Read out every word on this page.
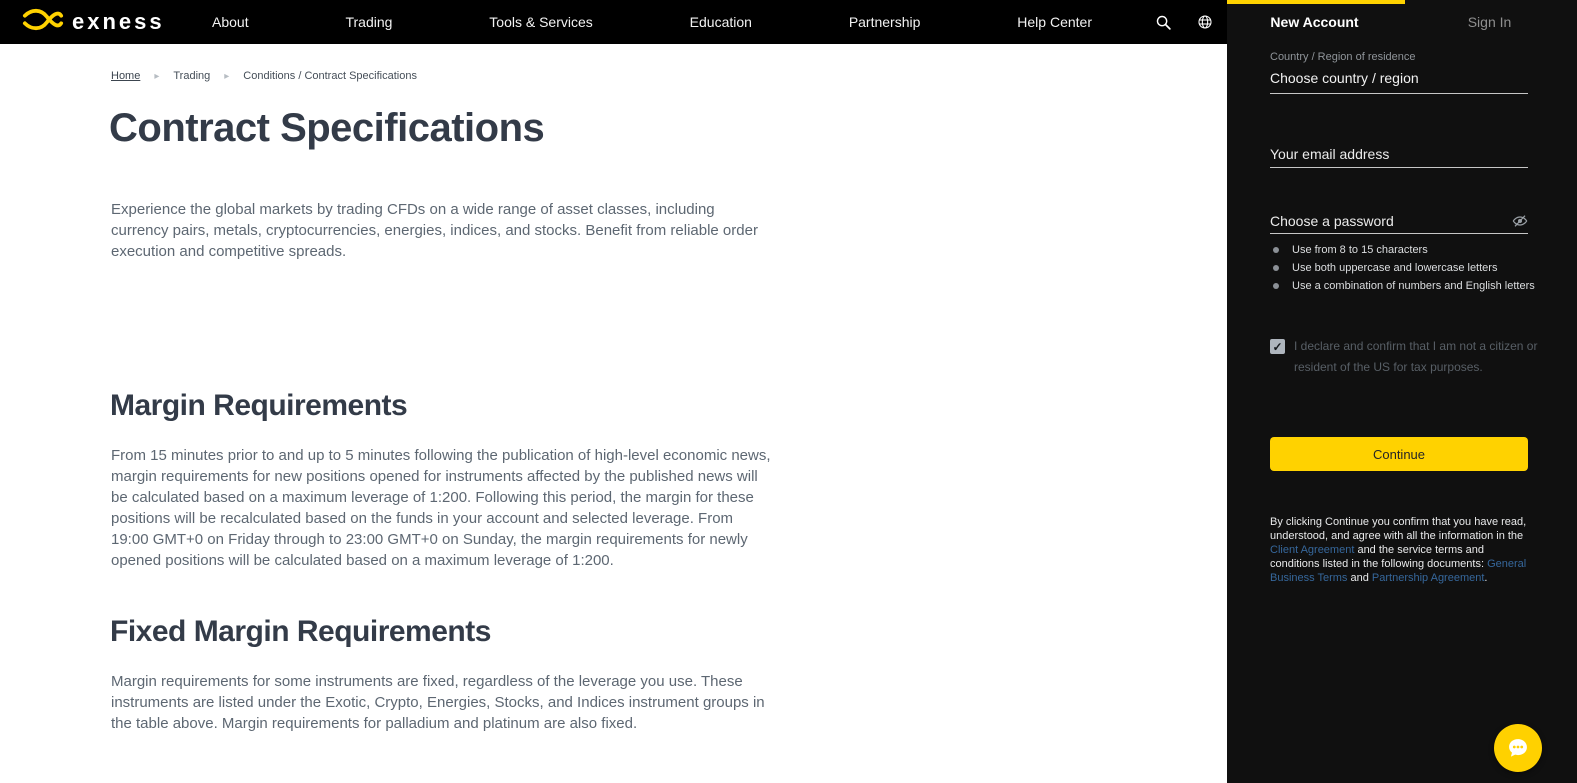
exness	About	Trading	Tools & Services	Education	Partnership	Help Center
Home ▸ Trading ▸ Conditions / Contract Specifications
Contract Specifications

Experience the global markets by trading CFDs on a wide range of asset classes, including currency pairs, metals, cryptocurrencies, energies, indices, and stocks. Benefit from reliable order execution and competitive spreads.

Margin Requirements

From 15 minutes prior to and up to 5 minutes following the publication of high-level economic news, margin requirements for new positions opened for instruments affected by the published news will be calculated based on a maximum leverage of 1:200. Following this period, the margin for these positions will be recalculated based on the funds in your account and selected leverage. From 19:00 GMT+0 on Friday through to 23:00 GMT+0 on Sunday, the margin requirements for newly opened positions will be calculated based on a maximum leverage of 1:200.

Fixed Margin Requirements

Margin requirements for some instruments are fixed, regardless of the leverage you use. These instruments are listed under the Exotic, Crypto, Energies, Stocks, and Indices instrument groups in the table above. Margin requirements for palladium and platinum are also fixed.

New Account	Sign In
Country / Region of residence
Choose country / region
Your email address
Choose a password
Use from 8 to 15 characters
Use both uppercase and lowercase letters
Use a combination of numbers and English letters
✓ I declare and confirm that I am not a citizen or resident of the US for tax purposes.
Continue

By clicking Continue you confirm that you have read, understood, and agree with all the information in the Client Agreement and the service terms and conditions listed in the following documents: General Business Terms and Partnership Agreement.
